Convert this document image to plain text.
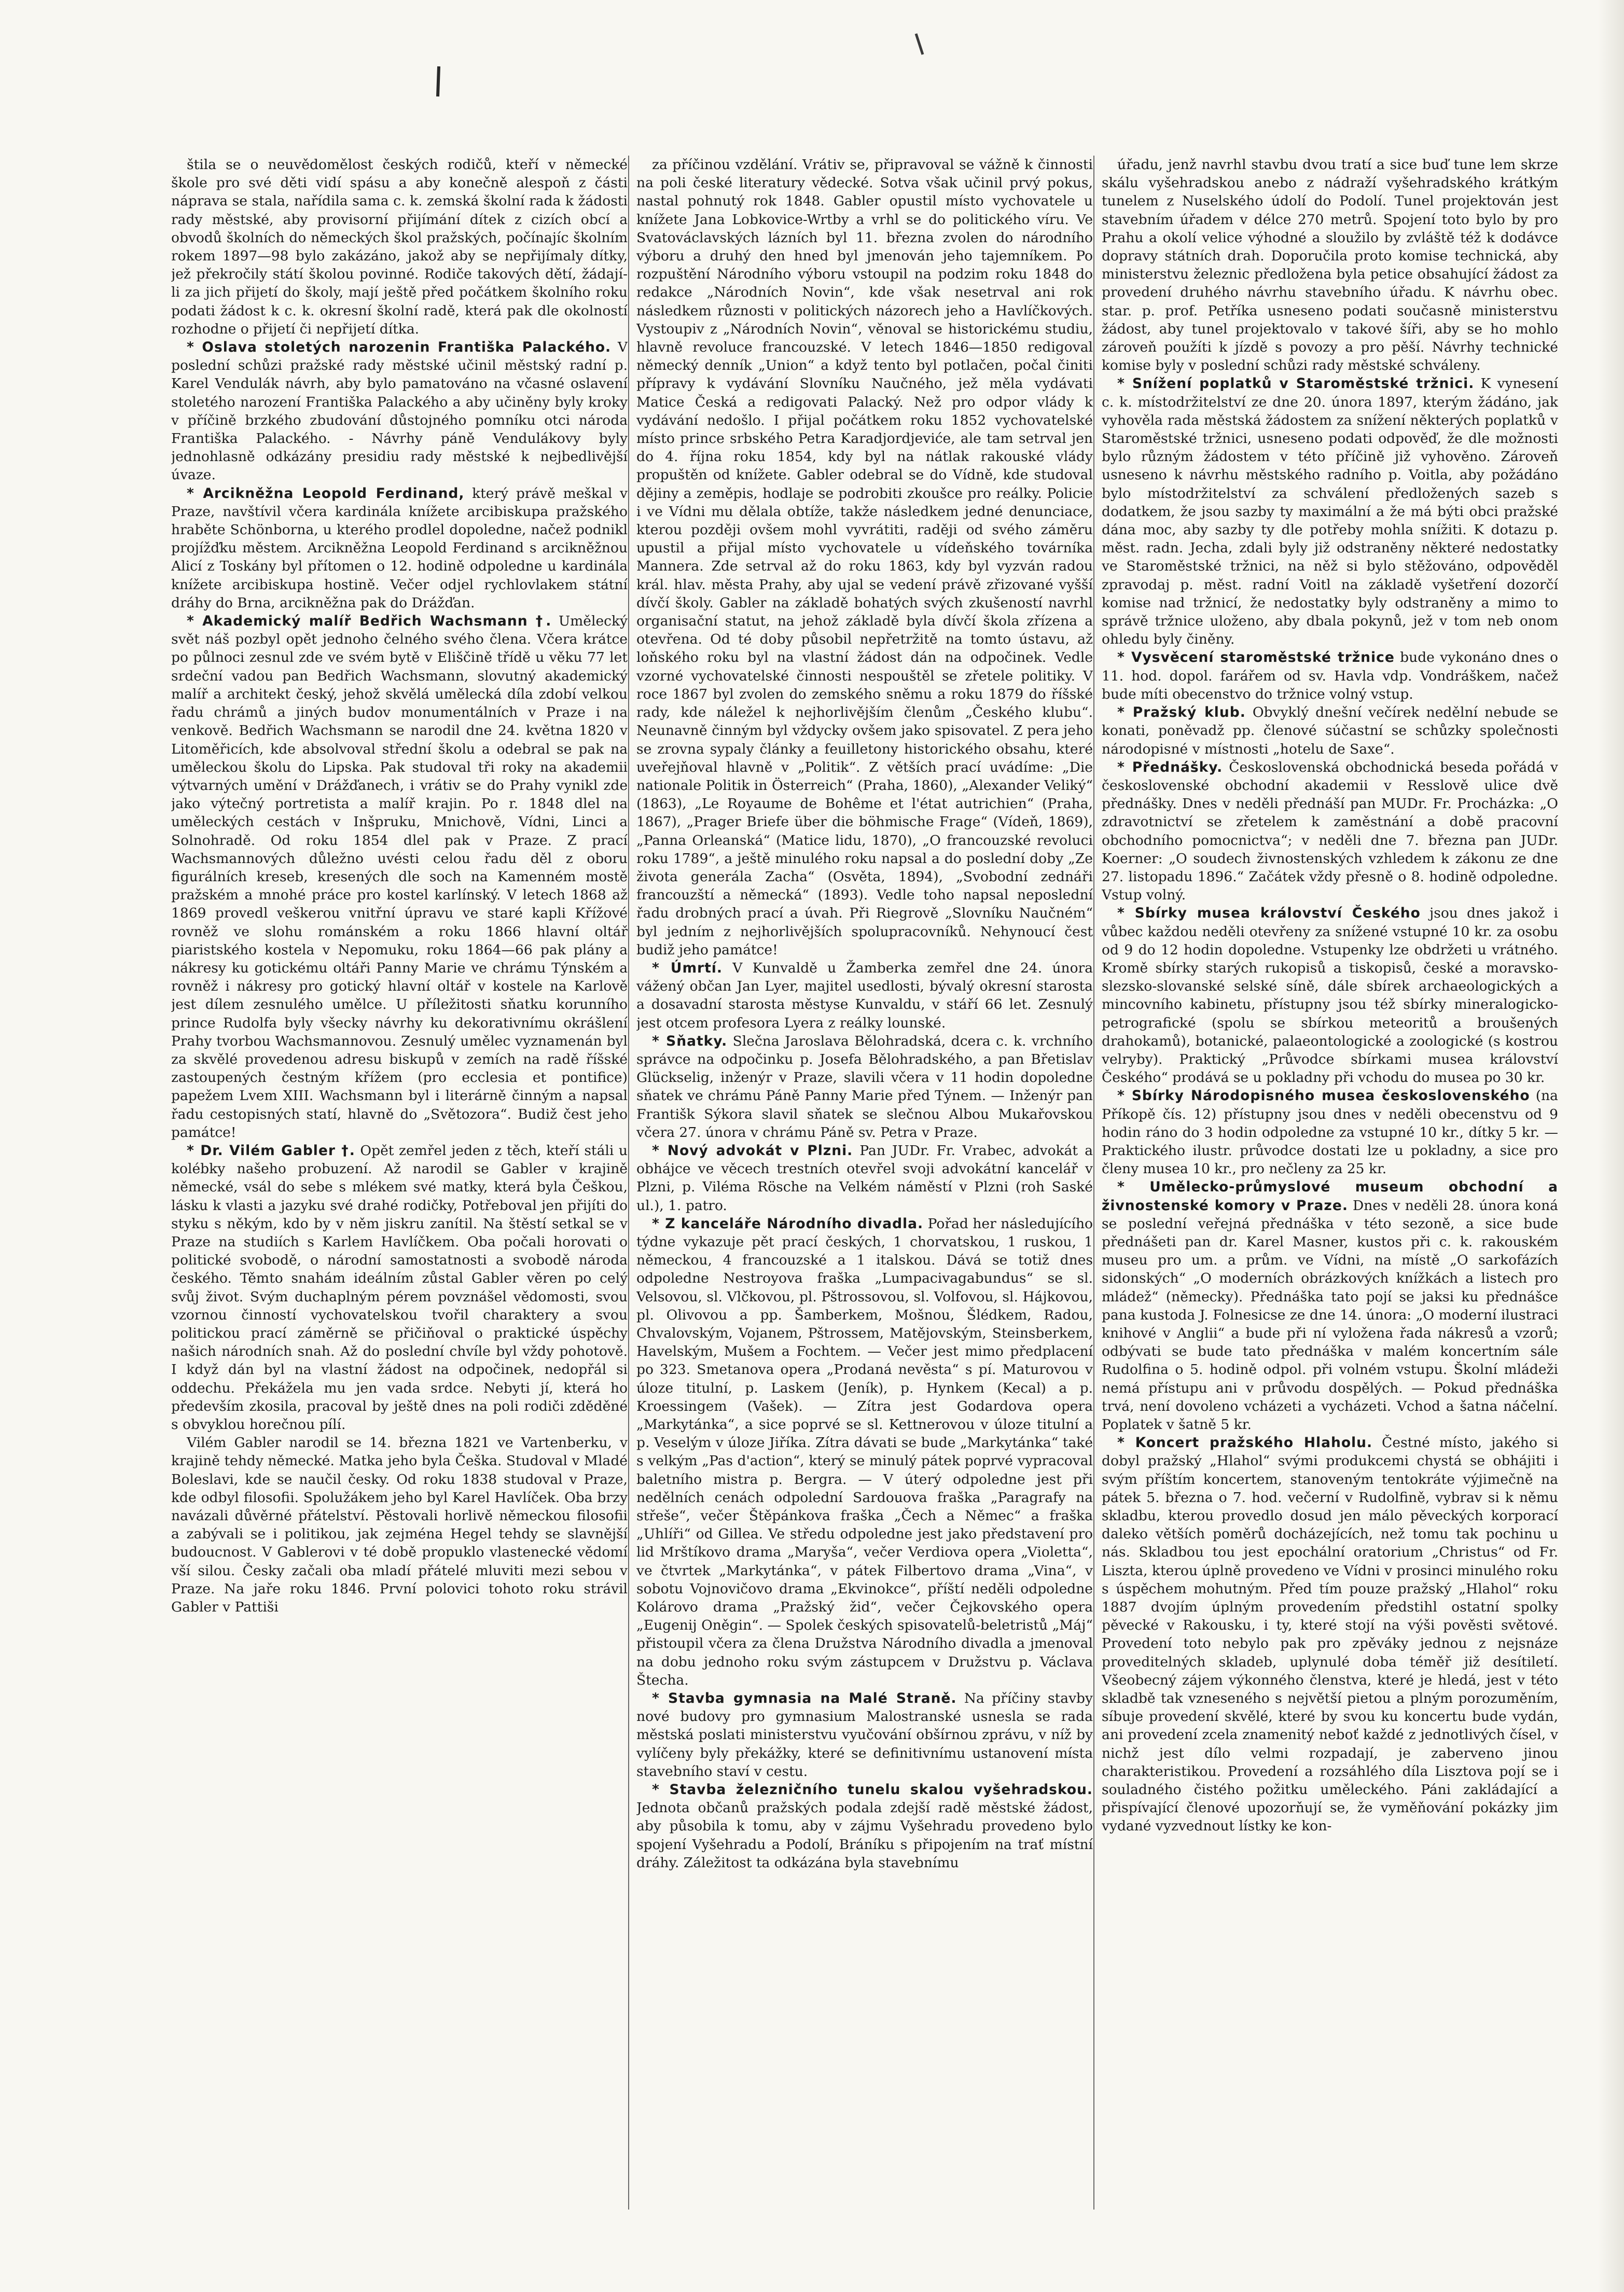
štila se o neuvědomělost českých rodičů, kteří v německé škole pro své děti vidí spásu a aby konečně alespoň z části náprava se stala, nařídila sama c. k. zemská školní rada k žádosti rady městské, aby provisorní přijímání dítek z cizích obcí a obvodů školních do německých škol pražských, počínajíc školním rokem 1897—98 bylo zakázáno, jakož aby se nepřijímaly dítky, jež překročily státí školou povinné. Rodiče takových dětí, žádají-li za jich přijetí do školy, mají ještě před počátkem školního roku podati žádost k c. k. okresní školní radě, která pak dle okolností rozhodne o přijetí či nepřijetí dítka.

* Oslava stoletých narozenin Františka Palackého. V poslední schůzi pražské rady městské učinil městský radní p. Karel Vendulák návrh, aby bylo pamatováno na včasné oslavení stoletého narození Františka Palackého a aby učiněny byly kroky v příčině brzkého zbudování důstojného pomníku otci národa Františka Palackého. - Návrhy páně Vendulákovy byly jednohlasně odkázány presidiu rady městské k nejbedlivější úvaze.

* Arcikněžna Leopold Ferdinand, který právě meškal v Praze, navštívil včera kardinála knížete arcibiskupa pražského hraběte Schönborna, u kterého prodlel dopoledne, načež podnikl projížďku městem. Arcikněžna Leopold Ferdinand s arcikněžnou Alicí z Toskány byl přítomen o 12. hodině odpoledne u kardinála knížete arcibiskupa hostině. Večer odjel rychlovlakem státní dráhy do Brna, arcikněžna pak do Drážďan.

* Akademický malíř Bedřich Wachsmann †. Umělecký svět náš pozbyl opět jednoho čelného svého člena. Včera krátce po půlnoci zesnul zde ve svém bytě v Eliščině třídě u věku 77 let srdeční vadou pan Bedřich Wachsmann, slovutný akademický malíř a architekt český, jehož skvělá umělecká díla zdobí velkou řadu chrámů a jiných budov monumentálních v Praze i na venkově. Bedřich Wachsmann se narodil dne 24. května 1820 v Litoměřicích, kde absolvoval střední školu a odebral se pak na uměleckou školu do Lipska. Pak studoval tři roky na akademii výtvarných umění v Drážďanech, i vrátiv se do Prahy vynikl zde jako výtečný portretista a malíř krajin. Po r. 1848 dlel na uměleckých cestách v Inšpruku, Mnichově, Vídni, Linci a Solnohradě. Od roku 1854 dlel pak v Praze. Z prací Wachsmannových důležno uvésti celou řadu děl z oboru figurálních kreseb, kresených dle soch na Kamenném mostě pražském a mnohé práce pro kostel karlínský. V letech 1868 až 1869 provedl veškerou vnitřní úpravu ve staré kapli Křížové rovněž ve slohu románském a roku 1866 hlavní oltář piaristského kostela v Nepomuku, roku 1864—66 pak plány a nákresy ku gotickému oltáři Panny Marie ve chrámu Týnském a rovněž i nákresy pro gotický hlavní oltář v kostele na Karlově jest dílem zesnulého umělce. U příležitosti sňatku korunního prince Rudolfa byly všecky návrhy ku dekorativnímu okrášlení Prahy tvorbou Wachsmannovou. Zesnulý umělec vyznamenán byl za skvělé provedenou adresu biskupů v zemích na radě říšské zastoupených čestným křížem (pro ecclesia et pontifice) papežem Lvem XIII. Wachsmann byl i literárně činným a napsal řadu cestopisných statí, hlavně do „Světozora“. Budiž čest jeho památce!

* Dr. Vilém Gabler †. Opět zemřel jeden z těch, kteří stáli u kolébky našeho probuzení. Až narodil se Gabler v krajině německé, vsál do sebe s mlékem své matky, která byla Češkou, lásku k vlasti a jazyku své drahé rodičky, Potřeboval jen přijíti do styku s někým, kdo by v něm jiskru zanítil. Na štěstí setkal se v Praze na studiích s Karlem Havlíčkem. Oba počali horovati o politické svobodě, o národní samostatnosti a svobodě národa českého. Těmto snahám ideálním zůstal Gabler věren po celý svůj život. Svým duchaplným pérem povznášel vědomosti, svou vzornou činností vychovatelskou tvořil charaktery a svou politickou prací záměrně se přičiňoval o praktické úspěchy našich národních snah. Až do poslední chvíle byl vždy pohotově. I když dán byl na vlastní žádost na odpočinek, nedopřál si oddechu. Překážela mu jen vada srdce. Nebyti jí, která ho především zkosila, pracoval by ještě dnes na poli rodiči zděděné s obvyklou horečnou pílí.

Vilém Gabler narodil se 14. března 1821 ve Vartenberku, v krajině tehdy německé. Matka jeho byla Češka. Studoval v Mladé Boleslavi, kde se naučil česky. Od roku 1838 studoval v Praze, kde odbyl filosofii. Spolužákem jeho byl Karel Havlíček. Oba brzy navázali důvěrné přátelství. Pěstovali horlivě německou filosofii a zabývali se i politikou, jak zejména Hegel tehdy se slavnější budoucnost. V Gablerovi v té době propuklo vlastenecké vědomí vší silou. Česky začali oba mladí přátelé mluviti mezi sebou v Praze. Na jaře roku 1846. První polovici tohoto roku strávil Gabler v Pattiši

za příčinou vzdělání. Vrátiv se, připravoval se vážně k činnosti na poli české literatury vědecké. Sotva však učinil prvý pokus, nastal pohnutý rok 1848. Gabler opustil místo vychovatele u knížete Jana Lobkovice-Wrtby a vrhl se do politického víru. Ve Svatováclavských lázních byl 11. března zvolen do národního výboru a druhý den hned byl jmenován jeho tajemníkem. Po rozpuštění Národního výboru vstoupil na podzim roku 1848 do redakce „Národních Novin“, kde však nesetrval ani rok následkem různosti v politických názorech jeho a Havlíčkových. Vystoupiv z „Národních Novin“, věnoval se historickému studiu, hlavně revoluce francouzské. V letech 1846—1850 redigoval německý denník „Union“ a když tento byl potlačen, počal činiti přípravy k vydávání Slovníku Naučného, jež měla vydávati Matice Česká a redigovati Palacký. Než pro odpor vlády k vydávání nedošlo. I přijal počátkem roku 1852 vychovatelské místo prince srbského Petra Karadjordjeviće, ale tam setrval jen do 4. října roku 1854, kdy byl na nátlak rakouské vlády propuštěn od knížete. Gabler odebral se do Vídně, kde studoval dějiny a zeměpis, hodlaje se podrobiti zkoušce pro reálky. Policie i ve Vídni mu dělala obtíže, takže následkem jedné denunciace, kterou později ovšem mohl vyvrátiti, raději od svého záměru upustil a přijal místo vychovatele u vídeňského továrníka Mannera. Zde setrval až do roku 1863, kdy byl vyzván radou král. hlav. města Prahy, aby ujal se vedení právě zřizované vyšší dívčí školy. Gabler na základě bohatých svých zkušeností navrhl organisační statut, na jehož základě byla dívčí škola zřízena a otevřena. Od té doby působil nepřetržitě na tomto ústavu, až loňského roku byl na vlastní žádost dán na odpočinek. Vedle vzorné vychovatelské činnosti nespouštěl se zřetele politiky. V roce 1867 byl zvolen do zemského sněmu a roku 1879 do říšské rady, kde náležel k nejhorlivějším členům „Českého klubu“. Neunavně činným byl vždycky ovšem jako spisovatel. Z pera jeho se zrovna sypaly články a feuilletony historického obsahu, které uveřejňoval hlavně v „Politik“. Z větších prací uvádíme: „Die nationale Politik in Österreich“ (Praha, 1860), „Alexander Veliký“ (1863), „Le Royaume de Bohême et l'état autrichien“ (Praha, 1867), „Prager Briefe über die böhmische Frage“ (Vídeň, 1869), „Panna Orleanská“ (Matice lidu, 1870), „O francouzské revoluci roku 1789“, a ještě minulého roku napsal a do poslední doby „Ze života generála Zacha“ (Osvěta, 1894), „Svobodní zednáři francouzští a německá“ (1893). Vedle toho napsal neposlední řadu drobných prací a úvah. Při Riegrově „Slovníku Naučném“ byl jedním z nejhorlivějších spolupracovníků. Nehynoucí čest budiž jeho památce!

* Úmrtí. V Kunvaldě u Žamberka zemřel dne 24. února vážený občan Jan Lyer, majitel usedlosti, bývalý okresní starosta a dosavadní starosta městyse Kunvaldu, v stáří 66 let. Zesnulý jest otcem profesora Lyera z reálky lounské.

* Sňatky. Slečna Jaroslava Bělohradská, dcera c. k. vrchního správce na odpočinku p. Josefa Bělohradského, a pan Břetislav Glückselig, inženýr v Praze, slavili včera v 11 hodin dopoledne sňatek ve chrámu Páně Panny Marie před Týnem. — Inženýr pan Františk Sýkora slavil sňatek se slečnou Albou Mukařovskou včera 27. února v chrámu Páně sv. Petra v Praze.

* Nový advokát v Plzni. Pan JUDr. Fr. Vrabec, advokát a obhájce ve věcech trestních otevřel svoji advokátní kancelář v Plzni, p. Viléma Rösche na Velkém náměstí v Plzni (roh Saské ul.), 1. patro.

* Z kanceláře Národního divadla. Pořad her následujícího týdne vykazuje pět prací českých, 1 chorvatskou, 1 ruskou, 1 německou, 4 francouzské a 1 italskou. Dává se totiž dnes odpoledne Nestroyova fraška „Lumpacivagabundus“ se sl. Velsovou, sl. Vlčkovou, pl. Pštrossovou, sl. Volfovou, sl. Hájkovou, pl. Olivovou a pp. Šamberkem, Mošnou, Šlédkem, Radou, Chvalovským, Vojanem, Pštrossem, Matějovským, Steinsberkem, Havelským, Mušem a Fochtem. — Večer jest mimo předplacení po 323. Smetanova opera „Prodaná nevěsta“ s pí. Maturovou v úloze titulní, p. Laskem (Jeník), p. Hynkem (Kecal) a p. Kroessingem (Vašek). — Zítra jest Godardova opera „Markytánka“, a sice poprvé se sl. Kettnerovou v úloze titulní a p. Veselým v úloze Jiříka. Zítra dávati se bude „Markytánka“ také s velkým „Pas d'action“, který se minulý pátek poprvé vypracoval baletního mistra p. Bergra. — V úterý odpoledne jest při nedělních cenách odpolední Sardouova fraška „Paragrafy na střeše“, večer Štěpánkova fraška „Čech a Němec“ a fraška „Uhlíři“ od Gillea. Ve středu odpoledne jest jako představení pro lid Mrštíkovo drama „Maryša“, večer Verdiova opera „Violetta“, ve čtvrtek „Markytánka“, v pátek Filbertovo drama „Vina“, v sobotu Vojnovičovo drama „Ekvinokce“, příští neděli odpoledne Kolárovo drama „Pražský žid“, večer Čejkovského opera „Eugenij Oněgin“. — Spolek českých spisovatelů-beletristů „Máj“ přistoupil včera za člena Družstva Národního divadla a jmenoval na dobu jednoho roku svým zástupcem v Družstvu p. Václava Štecha.

* Stavba gymnasia na Malé Straně. Na příčiny stavby nové budovy pro gymnasium Malostranské usnesla se rada městská poslati ministerstvu vyučování obšírnou zprávu, v níž by vylíčeny byly překážky, které se definitivnímu ustanovení místa stavebního staví v cestu.

* Stavba železničního tunelu skalou vyšehradskou. Jednota občanů pražských podala zdejší radě městské žádost, aby působila k tomu, aby v zájmu Vyšehradu provedeno bylo spojení Vyšehradu a Podolí, Bráníku s připojením na trať místní dráhy. Záležitost ta odkázána byla stavebnímu

úřadu, jenž navrhl stavbu dvou tratí a sice buď tune lem skrze skálu vyšehradskou anebo z nádraží vyšehradského krátkým tunelem z Nuselského údolí do Podolí. Tunel projektován jest stavebním úřadem v délce 270 metrů. Spojení toto bylo by pro Prahu a okolí velice výhodné a sloužilo by zvláště též k dodávce dopravy státních drah. Doporučila proto komise technická, aby ministerstvu železnic předložena byla petice obsahující žádost za provedení druhého návrhu stavebního úřadu. K návrhu obec. star. p. prof. Petříka usneseno podati současně ministerstvu žádost, aby tunel projektovalo v takové šíři, aby se ho mohlo zároveň použíti k jízdě s povozy a pro pěší. Návrhy technické komise byly v poslední schůzi rady městské schváleny.

* Snížení poplatků v Staroměstské tržnici. K vynesení c. k. místodržitelství ze dne 20. února 1897, kterým žádáno, jak vyhověla rada městská žádostem za snížení některých poplatků v Staroměstské tržnici, usneseno podati odpověď, že dle možnosti bylo různým žádostem v této příčině již vyhověno. Zároveň usneseno k návrhu městského radního p. Voitla, aby požádáno bylo místodržitelství za schválení předložených sazeb s dodatkem, že jsou sazby ty maximální a že má býti obci pražské dána moc, aby sazby ty dle potřeby mohla snížiti. K dotazu p. měst. radn. Jecha, zdali byly již odstraněny některé nedostatky ve Staroměstské tržnici, na něž si bylo stěžováno, odpověděl zpravodaj p. měst. radní Voitl na základě vyšetření dozorčí komise nad tržnicí, že nedostatky byly odstraněny a mimo to správě tržnice uloženo, aby dbala pokynů, jež v tom neb onom ohledu byly činěny.

* Vysvěcení staroměstské tržnice bude vykonáno dnes o 11. hod. dopol. farářem od sv. Havla vdp. Vondráškem, načež bude míti obecenstvo do tržnice volný vstup.

* Pražský klub. Obvyklý dnešní večírek nedělní nebude se konati, poněvadž pp. členové súčastní se schůzky společnosti národopisné v místnosti „hotelu de Saxe“.

* Přednášky. Československá obchodnická beseda pořádá v československé obchodní akademii v Resslově ulice dvě přednášky. Dnes v neděli přednáší pan MUDr. Fr. Procházka: „O zdravotnictví se zřetelem k zaměstnání a době pracovní obchodního pomocnictva“; v neděli dne 7. března pan JUDr. Koerner: „O soudech živnostenských vzhledem k zákonu ze dne 27. listopadu 1896.“ Začátek vždy přesně o 8. hodině odpoledne. Vstup volný.

* Sbírky musea království Českého jsou dnes jakož i vůbec každou neděli otevřeny za snížené vstupné 10 kr. za osobu od 9 do 12 hodin dopoledne. Vstupenky lze obdržeti u vrátného. Kromě sbírky starých rukopisů a tiskopisů, české a moravsko-slezsko-slovanské selské síně, dále sbírek archaeologických a mincovního kabinetu, přístupny jsou též sbírky mineralogicko-petrografické (spolu se sbírkou meteoritů a broušených drahokamů), botanické, palaeontologické a zoologické (s kostrou velryby). Praktický „Průvodce sbírkami musea království Českého“ prodává se u pokladny při vchodu do musea po 30 kr.

* Sbírky Národopisného musea československého (na Příkopě čís. 12) přístupny jsou dnes v neděli obecenstvu od 9 hodin ráno do 3 hodin odpoledne za vstupné 10 kr., dítky 5 kr. — Praktického ilustr. průvodce dostati lze u pokladny, a sice pro členy musea 10 kr., pro nečleny za 25 kr.

* Umělecko-průmyslové museum obchodní a živnostenské komory v Praze. Dnes v neděli 28. února koná se poslední veřejná přednáška v této sezoně, a sice bude přednášeti pan dr. Karel Masner, kustos při c. k. rakouském museu pro um. a prům. ve Vídni, na místě „O sarkofázích sidonských“ „O moderních obrázkových knížkách a listech pro mládež“ (německy). Přednáška tato pojí se jaksi ku přednášce pana kustoda J. Folnesicse ze dne 14. února: „O moderní ilustraci knihové v Anglii“ a bude při ní vyložena řada nákresů a vzorů; odbývati se bude tato přednáška v malém koncertním sále Rudolfina o 5. hodině odpol. při volném vstupu. Školní mládeži nemá přístupu ani v průvodu dospělých. — Pokud přednáška trvá, není dovoleno vcházeti a vycházeti. Vchod a šatna náčelní. Poplatek v šatně 5 kr.

* Koncert pražského Hlaholu. Čestné místo, jakého si dobyl pražský „Hlahol“ svými produkcemi chystá se obhájiti i svým příštím koncertem, stanoveným tentokráte výjimečně na pátek 5. března o 7. hod. večerní v Rudolfině, vybrav si k němu skladbu, kterou provedlo dosud jen málo pěveckých korporací daleko větších poměrů docházejících, než tomu tak pochinu u nás. Skladbou tou jest epochální oratorium „Christus“ od Fr. Liszta, kterou úplně provedeno ve Vídni v prosinci minulého roku s úspěchem mohutným. Před tím pouze pražský „Hlahol“ roku 1887 dvojím úplným provedením předstihl ostatní spolky pěvecké v Rakousku, i ty, které stojí na výši pověsti světové. Provedení toto nebylo pak pro zpěváky jednou z nejsnáze proveditelných skladeb, uplynulé doba téměř již desítiletí. Všeobecný zájem výkonného členstva, které je hledá, jest v této skladbě tak vzneseného s největší pietou a plným porozuměním, síbuje provedení skvělé, které by svou ku koncertu bude vydán, ani provedení zcela znamenitý neboť každé z jednotlivých čísel, v nichž jest dílo velmi rozpadají, je zaberveno jinou charakteristikou. Provedení a rozsáhlého díla Lisztova pojí se i souladného čistého požitku uměleckého. Páni zakládající a přispívající členové upozorňují se, že vyměňování pokázky jim vydané vyzvednout lístky ke kon-
